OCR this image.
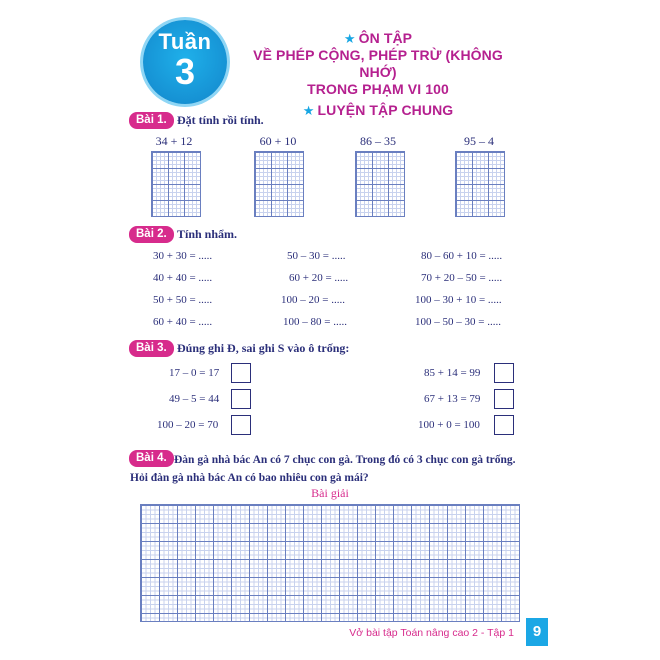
Tuần
3
★ ÔN TẬP
VỀ PHÉP CỘNG, PHÉP TRỪ (KHÔNG NHỚ)
TRONG PHẠM VI 100
★ LUYỆN TẬP CHUNG
Bài 1. Đặt tính rồi tính.
34 + 12	60 + 10	86 – 35	95 – 4
Bài 2. Tính nhẩm.
30 + 30 = .....	50 – 30 = .....	80 – 60 + 10 = .....
40 + 40 = .....	60 + 20 = .....	70 + 20 – 50 = .....
50 + 50 = .....	100 – 20 = .....	100 – 30 + 10 = .....
60 + 40 = .....	100 – 80 = .....	100 – 50 – 30 = .....
Bài 3. Đúng ghi Đ, sai ghi S vào ô trống:
17 – 0 = 17	85 + 14 = 99
49 – 5 = 44	67 + 13 = 79
100 – 20 = 70	100 + 0 = 100
Bài 4. Đàn gà nhà bác An có 7 chục con gà. Trong đó có 3 chục con gà trống.
Hỏi đàn gà nhà bác An có bao nhiêu con gà mái?
Bài giải
Vở bài tập Toán nâng cao 2 - Tập 1	9
